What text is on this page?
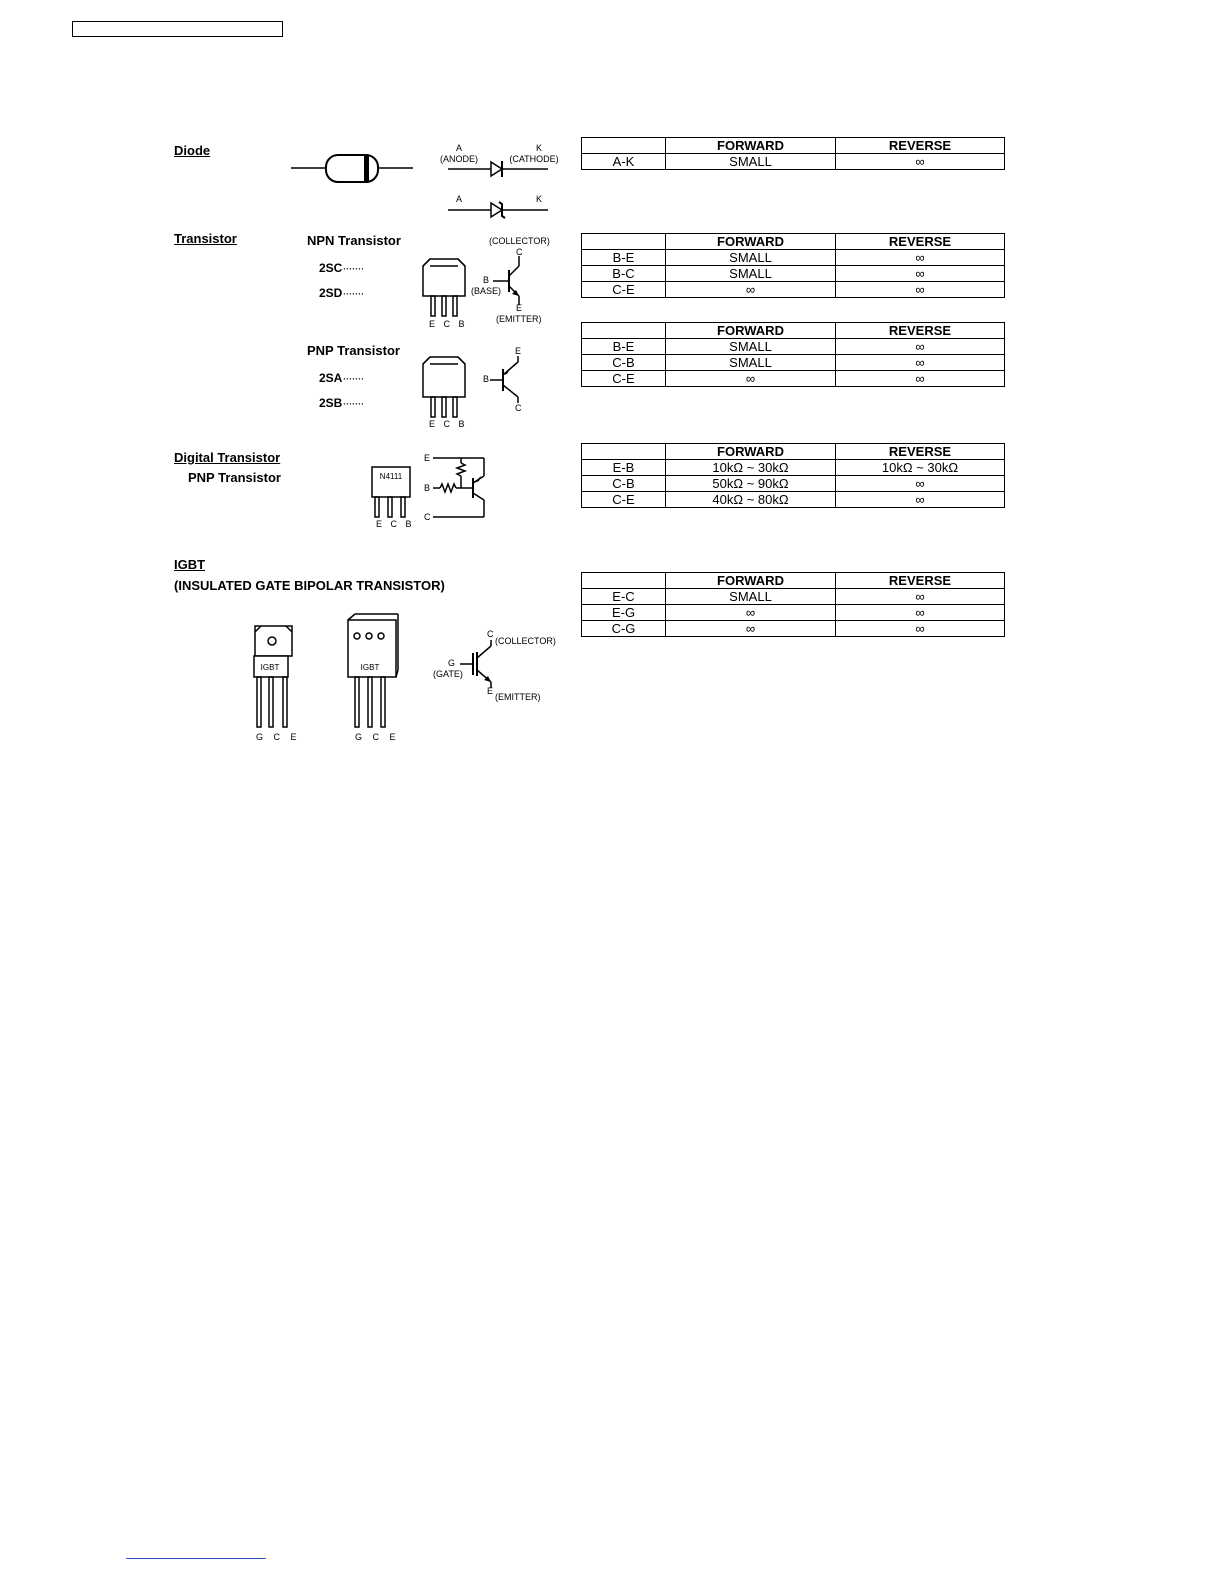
Diode
Transistor	NPN Transistor
2SC·······
2SD·······
PNP Transistor
2SA·······
2SB·······
Digital Transistor
PNP Transistor
IGBT
(INSULATED GATE BIPOLAR TRANSISTOR)
A
(ANODE)
K
(CATHODE)
A	K
(COLLECTOR)
C
B
(BASE)
E
(EMITTER)
E C B
E
B
C
E C B
N4111
E C B
E
B
C
IGBT	IGBT
G C E	G C E
C
(COLLECTOR)
G
(GATE)
E
(EMITTER)
	FORWARD	REVERSE
A-K	SMALL	∞
	FORWARD	REVERSE
B-E	SMALL	∞
B-C	SMALL	∞
C-E	∞	∞
	FORWARD	REVERSE
B-E	SMALL	∞
C-B	SMALL	∞
C-E	∞	∞
	FORWARD	REVERSE
E-B	10kΩ ~ 30kΩ	10kΩ ~ 30kΩ
C-B	50kΩ ~ 90kΩ	∞
C-E	40kΩ ~ 80kΩ	∞
	FORWARD	REVERSE
E-C	SMALL	∞
E-G	∞	∞
C-G	∞	∞
